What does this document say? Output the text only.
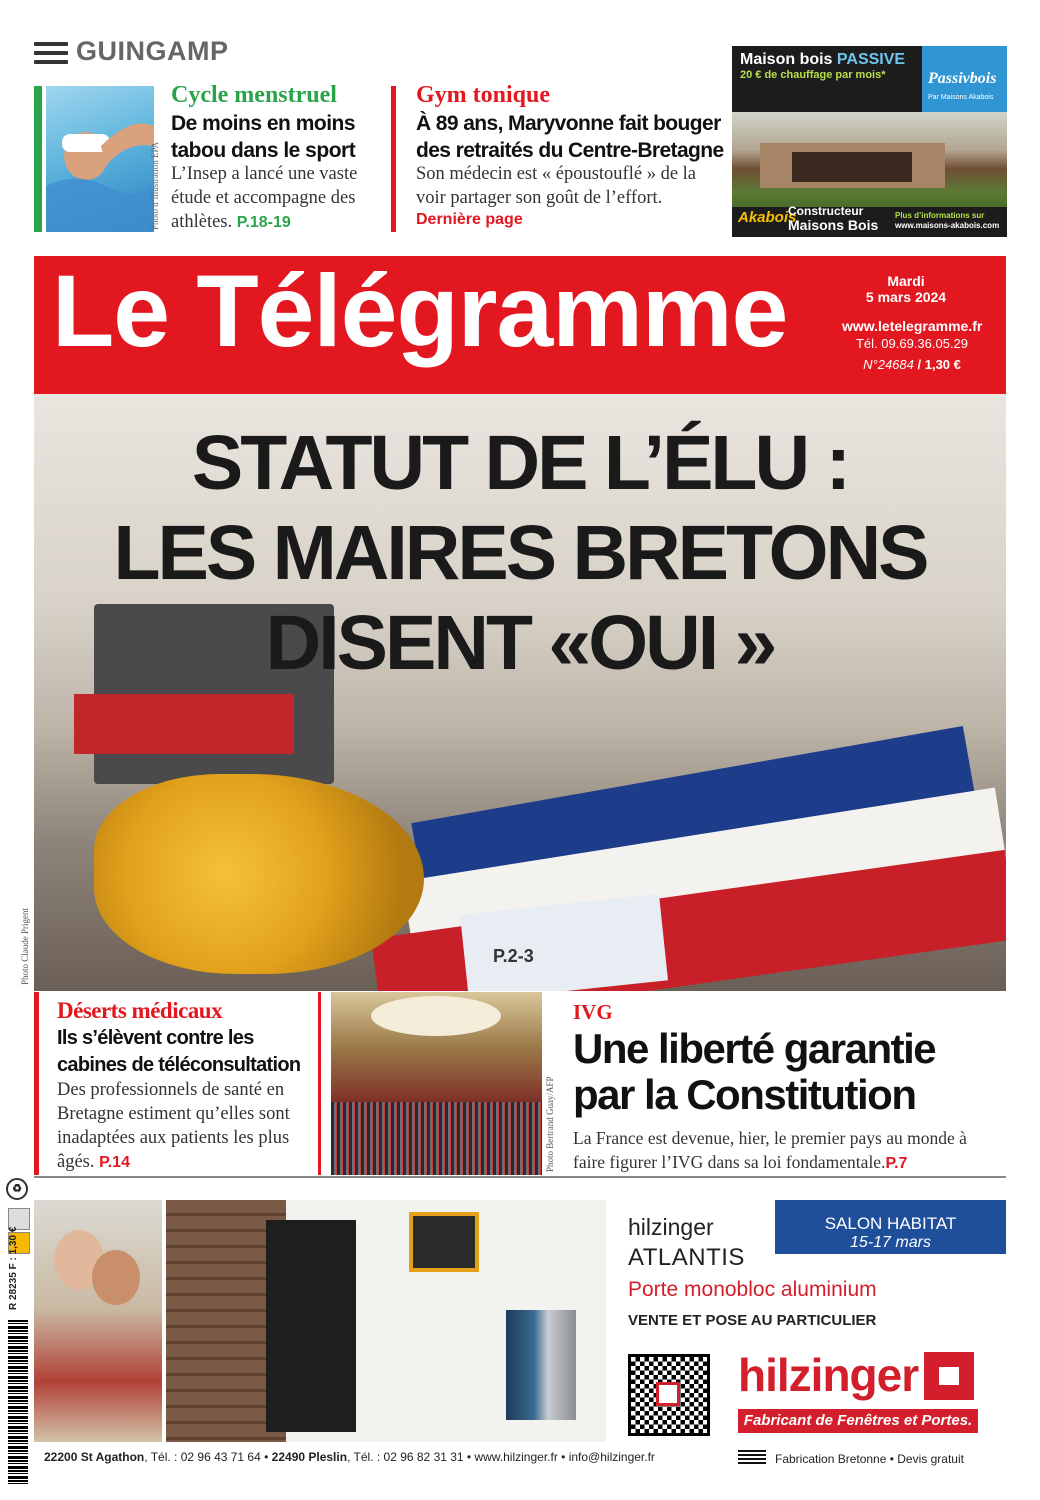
GUINGAMP
Photo d’illustration EPA
Cycle menstruel
De moins en moins tabou dans le sport
L’Insep a lancé une vaste étude et accompagne des athlètes. P.18-19
Gym tonique
À 89 ans, Maryvonne fait bouger des retraités du Centre-Bretagne
Son médecin est « époustouflé » de la voir partager son goût de l’effort.
Dernière page
Maison bois PASSIVE
20 € de chauffage par mois*	Passivbois
Par Maisons Akabois
Akabois
Constructeur
Maisons Bois
Plus d’informations sur
www.maisons-akabois.com
Le Télégramme	Mardi
5 mars 2024
www.letelegramme.fr
Tél. 09.69.36.05.29
N°24684 / 1,30 €
STATUT DE L’ÉLU :
LES MAIRES BRETONS
DISENT «OUI »
P.2-3
Photo Claude Prigent
Déserts médicaux
Ils s’élèvent contre les cabines de téléconsultation
Des professionnels de santé en Bretagne estiment qu’elles sont inadaptées aux patients les plus âgés. P.14	Photo Bertrand Guay/AFP
IVG
Une liberté garantie par la Constitution
La France est devenue, hier, le premier pays au monde à faire figurer l’IVG dans sa loi fondamentale.P.7
♻
R 28235 F : 1,30 €	hilzinger
ATLANTIS
SALON HABITAT
15-17 mars
Porte monobloc aluminium
VENTE ET POSE AU PARTICULIER
hilzinger
Fabricant de Fenêtres et Portes.
22200 St Agathon, Tél. : 02 96 43 71 64 • 22490 Pleslin, Tél. : 02 96 82 31 31 • www.hilzinger.fr • info@hilzinger.fr	Fabrication Bretonne • Devis gratuit
